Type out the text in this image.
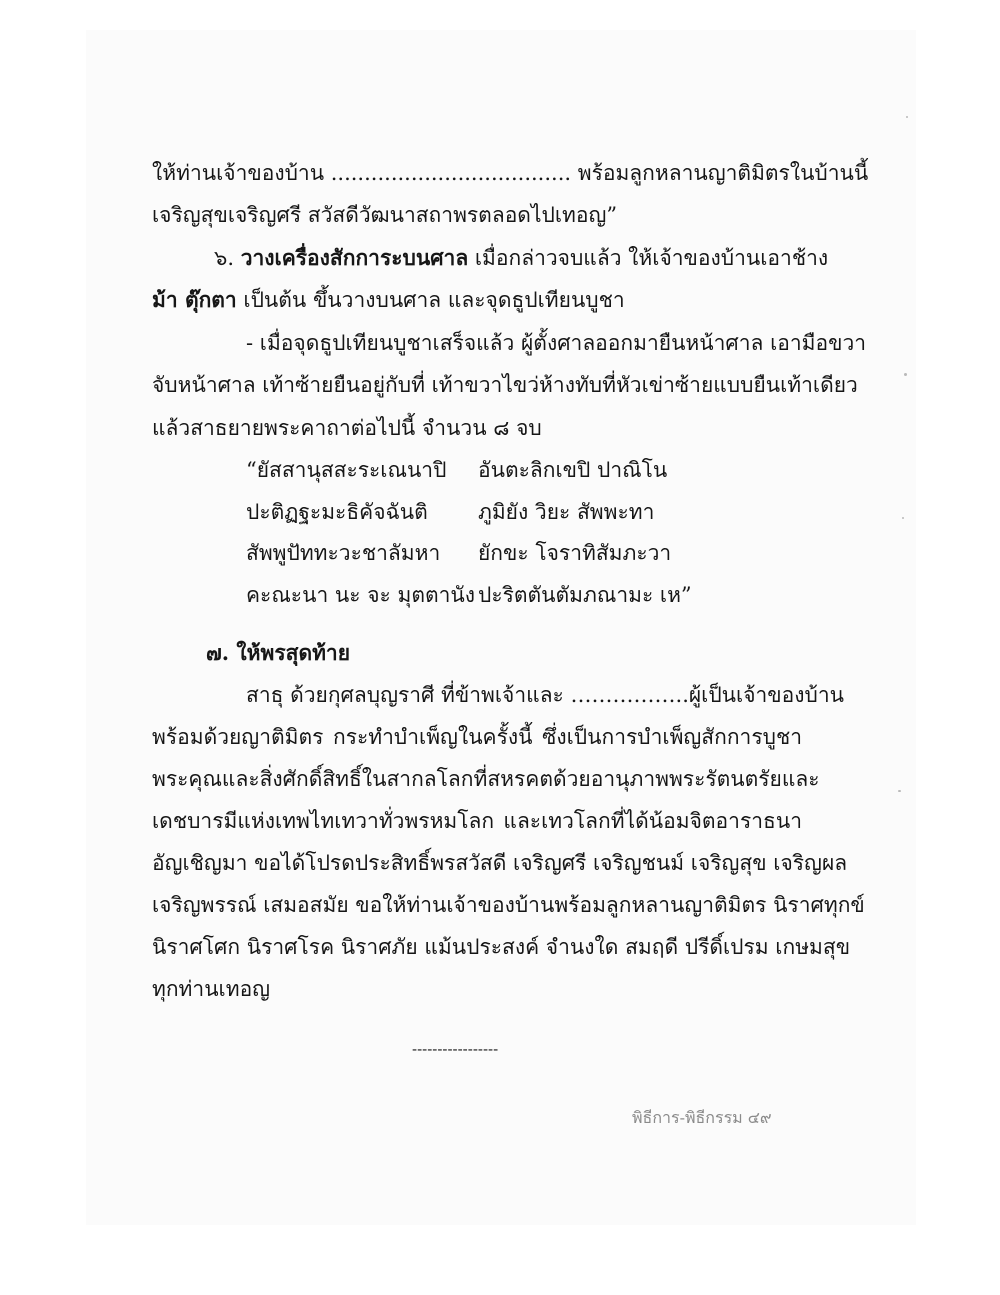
ให้ท่านเจ้าของบ้าน .................................... พร้อมลูกหลานญาติมิตรในบ้านนี้
เจริญสุขเจริญศรี สวัสดีวัฒนาสถาพรตลอดไปเทอญ”
๖. วางเครื่องสักการะบนศาล เมื่อกล่าวจบแล้ว ให้เจ้าของบ้านเอาช้าง
ม้า ตุ๊กตา เป็นต้น ขึ้นวางบนศาล และจุดธูปเทียนบูชา
- เมื่อจุดธูปเทียนบูชาเสร็จแล้ว ผู้ตั้งศาลออกมายืนหน้าศาล เอามือขวา
จับหน้าศาล เท้าซ้ายยืนอยู่กับที่ เท้าขวาไขว่ห้างทับที่หัวเข่าซ้ายแบบยืนเท้าเดียว
แล้วสาธยายพระคาถาต่อไปนี้ จำนวน ๘ จบ
“ยัสสานุสสะระเณนาปิ อันตะลิกเขปิ ปาณิโน
ปะติฏฐะมะธิคัจฉันติ ภูมิยัง วิยะ สัพพะทา
สัพพูปัททะวะชาลัมหา ยักขะ โจราทิสัมภะวา
คะณะนา นะ จะ มุตตานัง ปะริตตันตัมภณามะ เห”
๗. ให้พรสุดท้าย
สาธุ ด้วยกุศลบุญราศี ที่ข้าพเจ้าและ ……………..ผู้เป็นเจ้าของบ้าน
พร้อมด้วยญาติมิตร กระทำบำเพ็ญในครั้งนี้ ซึ่งเป็นการบำเพ็ญสักการบูชา
พระคุณและสิ่งศักดิ์สิทธิ์ในสากลโลกที่สหรคตด้วยอานุภาพพระรัตนตรัยและ
เดชบารมีแห่งเทพไทเทวาทั่วพรหมโลก และเทวโลกที่ได้น้อมจิตอาราธนา
อัญเชิญมา ขอได้โปรดประสิทธิ์พรสวัสดี เจริญศรี เจริญชนม์ เจริญสุข เจริญผล
เจริญพรรณ์ เสมอสมัย ขอให้ท่านเจ้าของบ้านพร้อมลูกหลานญาติมิตร นิราศทุกข์
นิราศโศก นิราศโรค นิราศภัย แม้นประสงค์ จำนงใด สมฤดี ปรีดิ์เปรม เกษมสุข
ทุกท่านเทอญ
-----------------
พิธีการ-พิธีกรรม ๔๙
